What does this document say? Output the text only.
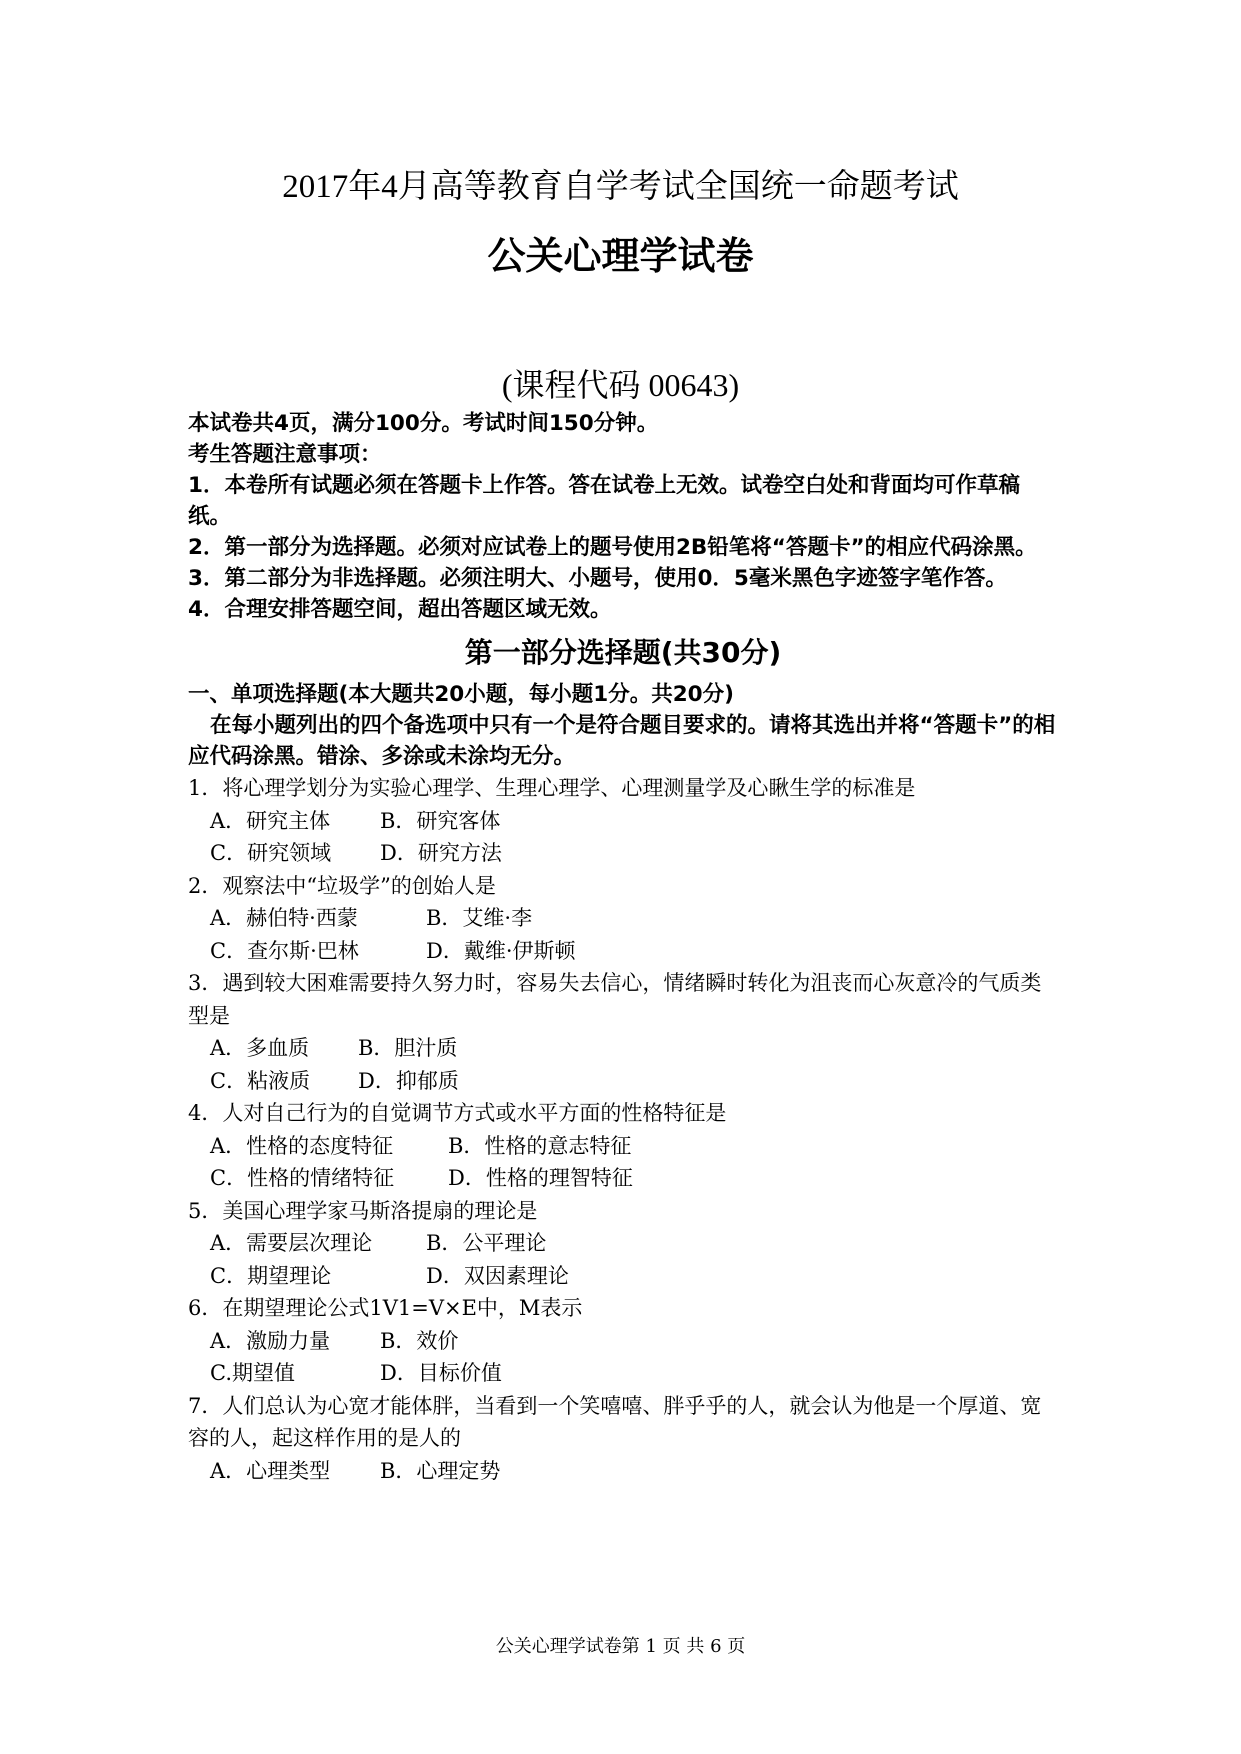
2017年4月高等教育自学考试全国统一命题考试
公关心理学试卷
(课程代码 00643)
本试卷共4页，满分100分。考试时间150分钟。
考生答题注意事项：
1．本卷所有试题必须在答题卡上作答。答在试卷上无效。试卷空白处和背面均可作草稿纸。
2．第一部分为选择题。必须对应试卷上的题号使用2B铅笔将“答题卡”的相应代码涂黑。
3．第二部分为非选择题。必须注明大、小题号，使用0．5毫米黑色字迹签字笔作答。
4．合理安排答题空间，超出答题区域无效。
第一部分选择题(共30分)
一、单项选择题(本大题共20小题，每小题1分。共20分)
在每小题列出的四个备选项中只有一个是符合题目要求的。请将其选出并将“答题卡”的相应代码涂黑。错涂、多涂或未涂均无分。
1．将心理学划分为实验心理学、生理心理学、心理测量学及心瞅生学的标准是
A．研究主体 B．研究客体
C．研究领域 D．研究方法
2．观察法中“垃圾学”的创始人是
A．赫伯特·西蒙	B．艾维·李
C．查尔斯·巴林	D．戴维·伊斯顿
3．遇到较大困难需要持久努力时，容易失去信心，情绪瞬时转化为沮丧而心灰意冷的气质类型是
A．多血质 B．胆汁质
C．粘液质 D．抑郁质
4．人对自己行为的自觉调节方式或水平方面的性格特征是
A．性格的态度特征	B．性格的意志特征
C．性格的情绪特征	D．性格的理智特征
5．美国心理学家马斯洛提扇的理论是
A．需要层次理论	B．公平理论
C．期望理论	D．双因素理论
6．在期望理论公式1V1=V×E中，M表示
A．激励力量 B．效价
C.期望值	D．目标价值
7．人们总认为心宽才能体胖，当看到一个笑嘻嘻、胖乎乎的人，就会认为他是一个厚道、宽容的人，起这样作用的是人的
A．心理类型 B．心理定势
公关心理学试卷第 1 页 共 6 页
